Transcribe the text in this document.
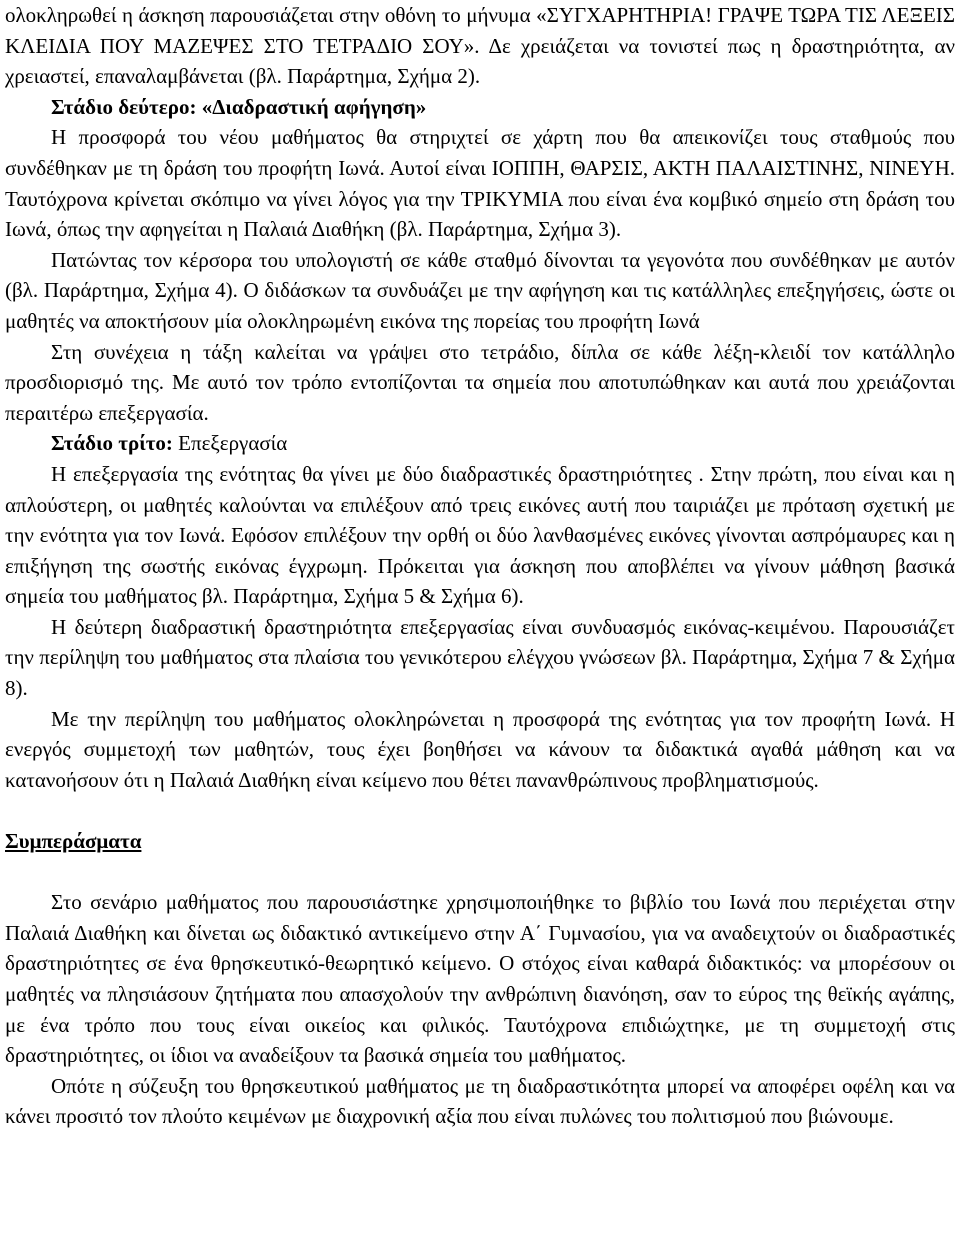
ολοκληρωθεί η άσκηση παρουσιάζεται στην οθόνη το μήνυμα «ΣΥΓΧΑΡΗΤΗΡΙΑ! ΓΡΑΨΕ ΤΩΡΑ ΤΙΣ ΛΕΞΕΙΣ ΚΛΕΙΔΙΑ ΠΟΥ ΜΑΖΕΨΕΣ ΣΤΟ ΤΕΤΡΑΔΙΟ ΣΟΥ». Δε χρειάζεται να τονιστεί πως η δραστηριότητα, αν χρειαστεί, επαναλαμβάνεται (βλ. Παράρτημα, Σχήμα 2).

Στάδιο δεύτερο: «Διαδραστική αφήγηση»

Η προσφορά του νέου μαθήματος θα στηριχτεί σε χάρτη που θα απεικονίζει τους σταθμούς που συνδέθηκαν με τη δράση του προφήτη Ιωνά. Αυτοί είναι ΙΟΠΠΗ, ΘΑΡΣΙΣ, ΑΚΤΗ ΠΑΛΑΙΣΤΙΝΗΣ, ΝΙΝΕΥΗ. Ταυτόχρονα κρίνεται σκόπιμο να γίνει λόγος για την ΤΡΙΚΥΜΙΑ που είναι ένα κομβικό σημείο στη δράση του Ιωνά, όπως την αφηγείται η Παλαιά Διαθήκη (βλ. Παράρτημα, Σχήμα 3).

Πατώντας τον κέρσορα του υπολογιστή σε κάθε σταθμό δίνονται τα γεγονότα που συνδέθηκαν με αυτόν (βλ. Παράρτημα, Σχήμα 4). Ο διδάσκων τα συνδυάζει με την αφήγηση και τις κατάλληλες επεξηγήσεις, ώστε οι μαθητές να αποκτήσουν μία ολοκληρωμένη εικόνα της πορείας του προφήτη Ιωνά

Στη συνέχεια η τάξη καλείται να γράψει στο τετράδιο, δίπλα σε κάθε λέξη-κλειδί τον κατάλληλο προσδιορισμό της. Με αυτό τον τρόπο εντοπίζονται τα σημεία που αποτυπώθηκαν και αυτά που χρειάζονται περαιτέρω επεξεργασία.

Στάδιο τρίτο: Επεξεργασία

Η επεξεργασία της ενότητας θα γίνει με δύο διαδραστικές δραστηριότητες . Στην πρώτη, που είναι και η απλούστερη, οι μαθητές καλούνται να επιλέξουν από τρεις εικόνες αυτή που ταιριάζει με πρόταση σχετική με την ενότητα για τον Ιωνά. Εφόσον επιλέξουν την ορθή οι δύο λανθασμένες εικόνες γίνονται ασπρόμαυρες και η επιξήγηση της σωστής εικόνας έγχρωμη. Πρόκειται για άσκηση που αποβλέπει να γίνουν μάθηση βασικά σημεία του μαθήματος βλ. Παράρτημα, Σχήμα 5 & Σχήμα 6).

Η δεύτερη διαδραστική δραστηριότητα επεξεργασίας είναι συνδυασμός εικόνας-κειμένου. Παρουσιάζετ την περίληψη του μαθήματος στα πλαίσια του γενικότερου ελέγχου γνώσεων βλ. Παράρτημα, Σχήμα 7 & Σχήμα 8).

Με την περίληψη του μαθήματος ολοκληρώνεται η προσφορά της ενότητας για τον προφήτη Ιωνά. Η ενεργός συμμετοχή των μαθητών, τους έχει βοηθήσει να κάνουν τα διδακτικά αγαθά μάθηση και να κατανοήσουν ότι η Παλαιά Διαθήκη είναι κείμενο που θέτει πανανθρώπινους προβληματισμούς.

Συμπεράσματα

Στο σενάριο μαθήματος που παρουσιάστηκε χρησιμοποιήθηκε το βιβλίο του Ιωνά που περιέχεται στην Παλαιά Διαθήκη και δίνεται ως διδακτικό αντικείμενο στην Α΄ Γυμνασίου, για να αναδειχτούν οι διαδραστικές δραστηριότητες σε ένα θρησκευτικό-θεωρητικό κείμενο. Ο στόχος είναι καθαρά διδακτικός: να μπορέσουν οι μαθητές να πλησιάσουν ζητήματα που απασχολούν την ανθρώπινη διανόηση, σαν το εύρος της θεϊκής αγάπης, με ένα τρόπο που τους είναι οικείος και φιλικός. Ταυτόχρονα επιδιώχτηκε, με τη συμμετοχή στις δραστηριότητες, οι ίδιοι να αναδείξουν τα βασικά σημεία του μαθήματος.

Οπότε η σύζευξη του θρησκευτικού μαθήματος με τη διαδραστικότητα μπορεί να αποφέρει οφέλη και να κάνει προσιτό τον πλούτο κειμένων με διαχρονική αξία που είναι πυλώνες του πολιτισμού που βιώνουμε.
